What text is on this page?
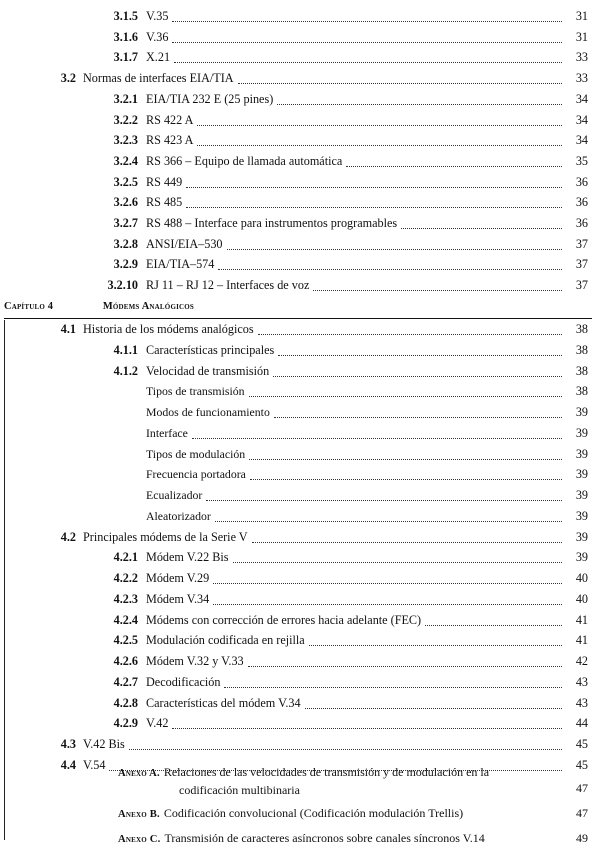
3.1.5 V.35	31
3.1.6 V.36	31
3.1.7 X.21	33
3.2 Normas de interfaces EIA/TIA	33
3.2.1 EIA/TIA 232 E (25 pines)	34
3.2.2 RS 422 A	34
3.2.3 RS 423 A	34
3.2.4 RS 366 – Equipo de llamada automática	35
3.2.5 RS 449	36
3.2.6 RS 485	36
3.2.7 RS 488 – Interface para instrumentos programables	36
3.2.8 ANSI/EIA–530	37
3.2.9 EIA/TIA–574	37
3.2.10 RJ 11 – RJ 12 – Interfaces de voz	37
Capítulo 4	Módems Analógicos
4.1 Historia de los módems analógicos	38
4.1.1 Características principales	38
4.1.2 Velocidad de transmisión	38
Tipos de transmisión	38
Modos de funcionamiento	39
Interface	39
Tipos de modulación	39
Frecuencia portadora	39
Ecualizador	39
Aleatorizador	39
4.2 Principales módems de la Serie V	39
4.2.1 Módem V.22 Bis	39
4.2.2 Módem V.29	40
4.2.3 Módem V.34	40
4.2.4 Módems con corrección de errores hacia adelante (FEC)	41
4.2.5 Modulación codificada en rejilla	41
4.2.6 Módem V.32 y V.33	42
4.2.7 Decodificación	43
4.2.8 Características del módem V.34	43
4.2.9 V.42	44
4.3 V.42 Bis	45
4.4 V.54	45
Anexo A. Relaciones de las velocidades de transmisión y de modulación en la
codificación multibinaria	47
Anexo B. Codificación convolucional (Codificación modulación Trellis)	47
Anexo C. Transmisión de caracteres asíncronos sobre canales síncronos V.14	49
